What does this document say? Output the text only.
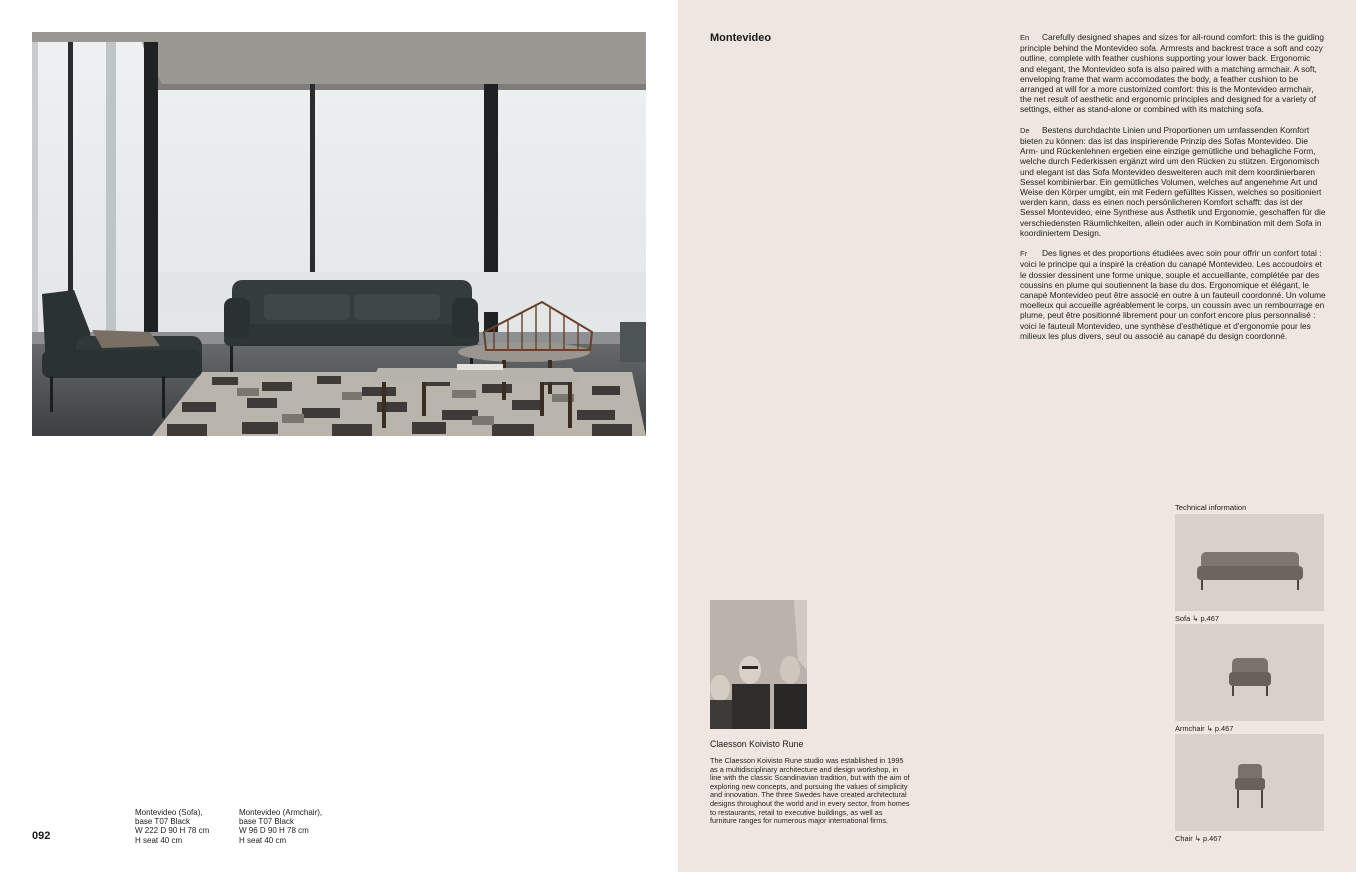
Montevideo (Sofa),
base T07 Black
W 222 D 90 H 78 cm
H seat 40 cm
Montevideo (Armchair),
base T07 Black
W 96 D 90 H 78 cm
H seat 40 cm
092
Montevideo	En Carefully designed shapes and sizes for all-round comfort: this is the guiding principle behind the Montevideo sofa. Armrests and backrest trace a soft and cozy outline, complete with feather cushions supporting your lower back. Ergonomic and elegant, the Montevideo sofa is also paired with a matching armchair. A soft, enveloping frame that warm accomodates the body, a feather cushion to be arranged at will for a more customized comfort: this is the Montevideo armchair, the net result of aesthetic and ergonomic principles and designed for a variety of settings, either as stand-alone or combined with its matching sofa.

De Bestens durchdachte Linien und Proportionen um umfassenden Komfort bieten zu können: das ist das inspirierende Prinzip des Sofas Montevideo. Die Arm- und Rückenlehnen ergeben eine einzige gemütliche und behagliche Form, welche durch Federkissen ergänzt wird um den Rücken zu stützen. Ergonomisch und elegant ist das Sofa Montevideo desweiteren auch mit dem koordinierbaren Sessel kombinierbar. Ein gemütliches Volumen, welches auf angenehme Art und Weise den Körper umgibt, ein mit Federn gefülltes Kissen, welches so positioniert werden kann, dass es einen noch persönlicheren Komfort schafft: das ist der Sessel Montevideo, eine Synthese aus Ästhetik und Ergonomie, geschaffen für die verschiedensten Räumlichkeiten, allein oder auch in Kombination mit dem Sofa in koordiniertem Design.

Fr Des lignes et des proportions étudiées avec soin pour offrir un confort total : voici le principe qui a inspiré la création du canapé Montevideo. Les accoudoirs et le dossier dessinent une forme unique, souple et accueillante, complétée par des coussins en plume qui soutiennent la base du dos. Ergonomique et élégant, le canapé Montevideo peut être associé en outre à un fauteuil coordonné. Un volume moelleux qui accueille agréablement le corps, un coussin avec un rembourrage en plume, peut être positionné librement pour un confort encore plus personnalisé : voici le fauteuil Montevideo, une synthèse d'esthétique et d'ergonomie pour les milieux les plus divers, seul ou associé au canapé du design coordonné.

Claesson Koivisto Rune
The Claesson Koivisto Rune studio was established in 1995 as a multidisciplinary architecture and design workshop, in line with the classic Scandinavian tradition, but with the aim of exploring new concepts, and pursuing the values of simplicity and innovation. The three Swedes have created architectural designs throughout the world and in every sector, from homes to restaurants, retail to executive buildings, as well as furniture ranges for numerous major international firms.
Technical information
Sofa ↳ p.467
Armchair ↳ p.467
Chair ↳ p.467
